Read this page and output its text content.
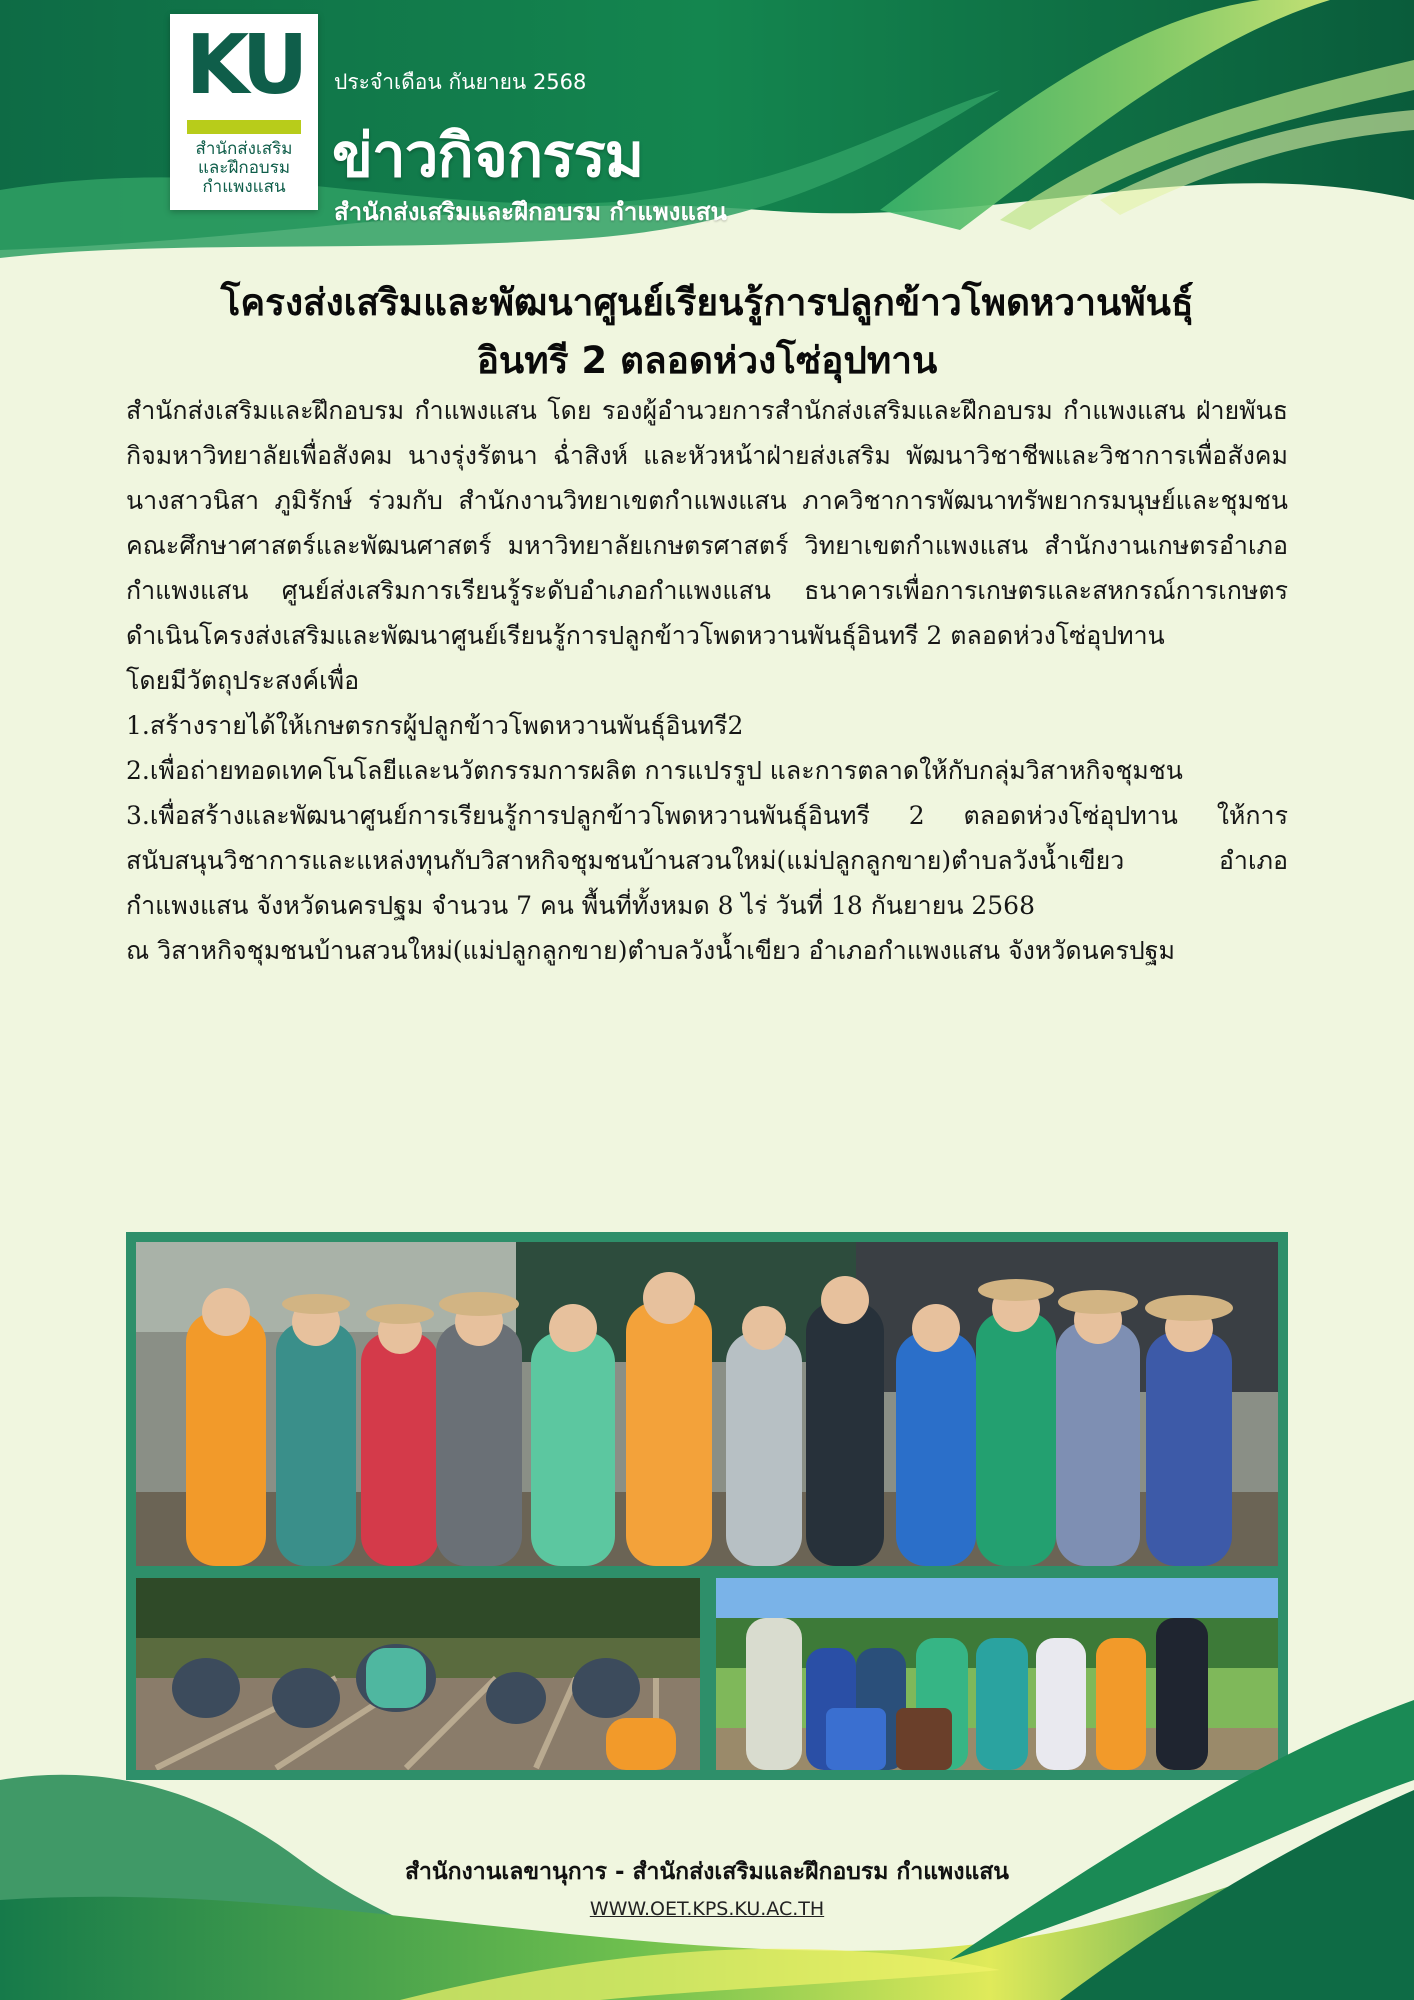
KU
สำนักส่งเสริม
และฝึกอบรม
กำแพงแสน
ประจำเดือน กันยายน 2568
ข่าวกิจกรรม
สำนักส่งเสริมและฝึกอบรม กำแพงแสน
โครงส่งเสริมและพัฒนาศูนย์เรียนรู้การปลูกข้าวโพดหวานพันธุ์
อินทรี 2 ตลอดห่วงโซ่อุปทาน

สำนักส่งเสริมและฝึกอบรม กำแพงแสน โดย รองผู้อำนวยการสำนักส่งเสริมและฝึกอบรม กำแพงแสน ฝ่ายพันธกิจมหาวิทยาลัยเพื่อสังคม นางรุ่งรัตนา ฉ่ำสิงห์ และหัวหน้าฝ่ายส่งเสริม พัฒนาวิชาชีพและวิชาการเพื่อสังคม นางสาวนิสา ภูมิรักษ์ ร่วมกับ สำนักงานวิทยาเขตกำแพงแสน ภาควิชาการพัฒนาทรัพยากรมนุษย์และชุมชน คณะศึกษาศาสตร์และพัฒนศาสตร์ มหาวิทยาลัยเกษตรศาสตร์ วิทยาเขตกำแพงแสน สำนักงานเกษตรอำเภอกำแพงแสน ศูนย์ส่งเสริมการเรียนรู้ระดับอำเภอกำแพงแสน ธนาคารเพื่อการเกษตรและสหกรณ์การเกษตร ดำเนินโครงส่งเสริมและพัฒนาศูนย์เรียนรู้การปลูกข้าวโพดหวานพันธุ์อินทรี 2 ตลอดห่วงโซ่อุปทาน

โดยมีวัตถุประสงค์เพื่อ

1.สร้างรายได้ให้เกษตรกรผู้ปลูกข้าวโพดหวานพันธุ์อินทรี2

2.เพื่อถ่ายทอดเทคโนโลยีและนวัตกรรมการผลิต การแปรรูป และการตลาดให้กับกลุ่มวิสาหกิจชุมชน

3.เพื่อสร้างและพัฒนาศูนย์การเรียนรู้การปลูกข้าวโพดหวานพันธุ์อินทรี 2 ตลอดห่วงโซ่อุปทาน ให้การสนับสนุนวิชาการและแหล่งทุนกับวิสาหกิจชุมชนบ้านสวนใหม่(แม่ปลูกลูกขาย)ตำบลวังน้ำเขียว อำเภอกำแพงแสน จังหวัดนครปฐม จำนวน 7 คน พื้นที่ทั้งหมด 8 ไร่ วันที่ 18 กันยายน 2568

ณ วิสาหกิจชุมชนบ้านสวนใหม่(แม่ปลูกลูกขาย)ตำบลวังน้ำเขียว อำเภอกำแพงแสน จังหวัดนครปฐม

สำนักงานเลขานุการ - สำนักส่งเสริมและฝึกอบรม กำแพงแสน
WWW.OET.KPS.KU.AC.TH
